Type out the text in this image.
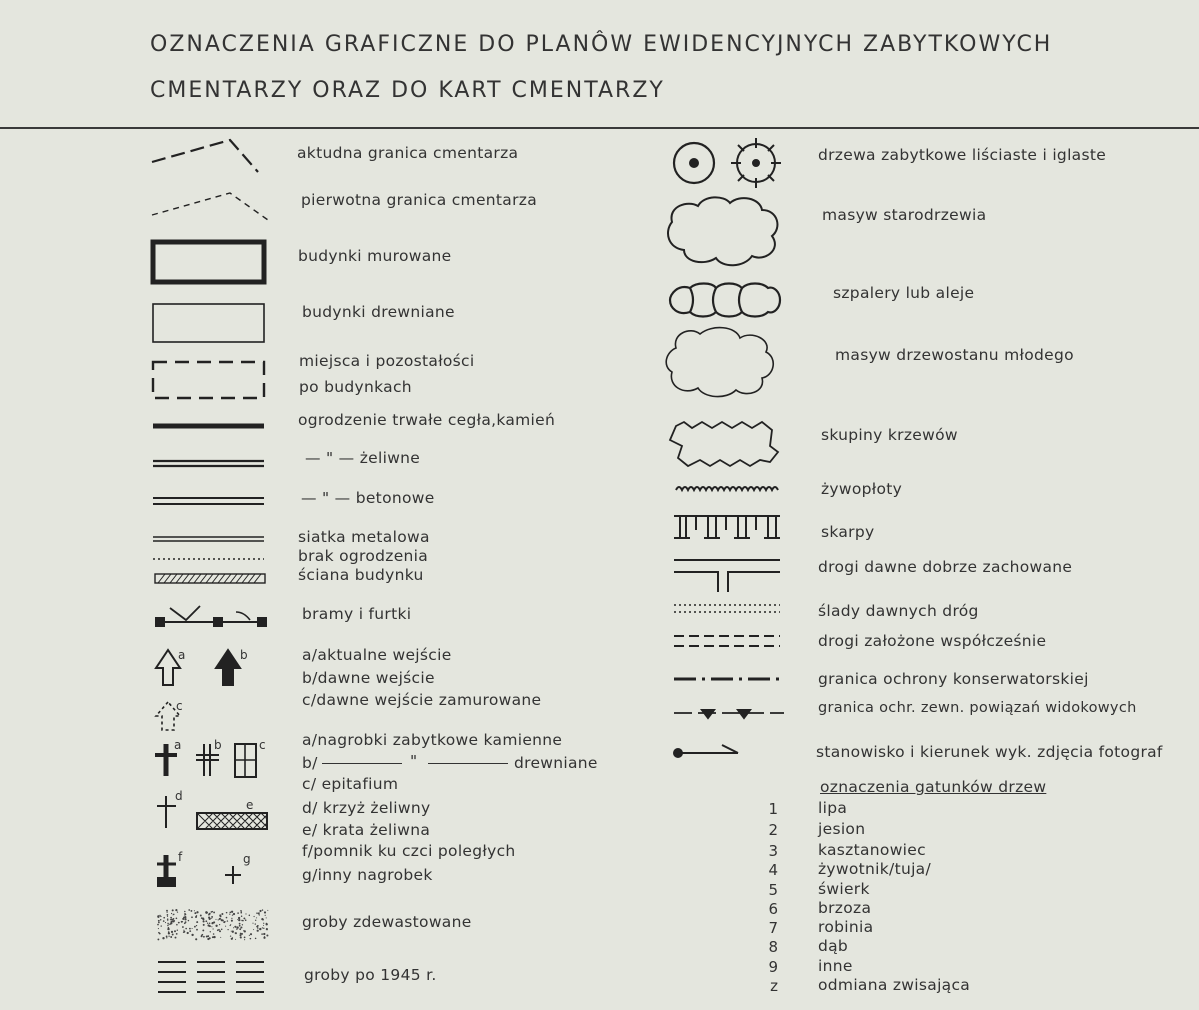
OZNACZENIA GRAFICZNE DO PLANÔW EWIDENCYJNYCH ZABYTKOWYCH
CMENTARZY ORAZ DO KART CMENTARZY
aktudna granica cmentarza
pierwotna granica cmentarza
budynki murowane
budynki drewniane
miejsca i pozostałości
po budynkach
ogrodzenie trwałe cegła,kamień
— " — żeliwne
— " — betonowe
siatka metalowa
brak ogrodzenia
ściana budynku
bramy i furtki
a/aktualne wejście
b/dawne wejście
c/dawne wejście zamurowane
a/nagrobki zabytkowe kamienne
b/	"	drewniane
c/ epitafium
d/ krzyż żeliwny
e/ krata żeliwna
f/pomnik ku czci poległych
g/inny nagrobek
groby zdewastowane
groby po 1945 r.
a	b
c
a	b	c
d
e
f	g
drzewa zabytkowe liściaste i iglaste
masyw starodrzewia
szpalery lub aleje
masyw drzewostanu młodego
skupiny krzewów
żywopłoty
skarpy
drogi dawne dobrze zachowane
ślady dawnych dróg
drogi założone współcześnie
granica ochrony konserwatorskiej
granica ochr. zewn. powiązań widokowych
stanowisko i kierunek wyk. zdjęcia fotograf
oznaczenia gatunków drzew
1	lipa
2	jesion
3	kasztanowiec
4	żywotnik/tuja/
5	świerk
6	brzoza
7	robinia
8	dąb
9	inne
z	odmiana zwisająca
